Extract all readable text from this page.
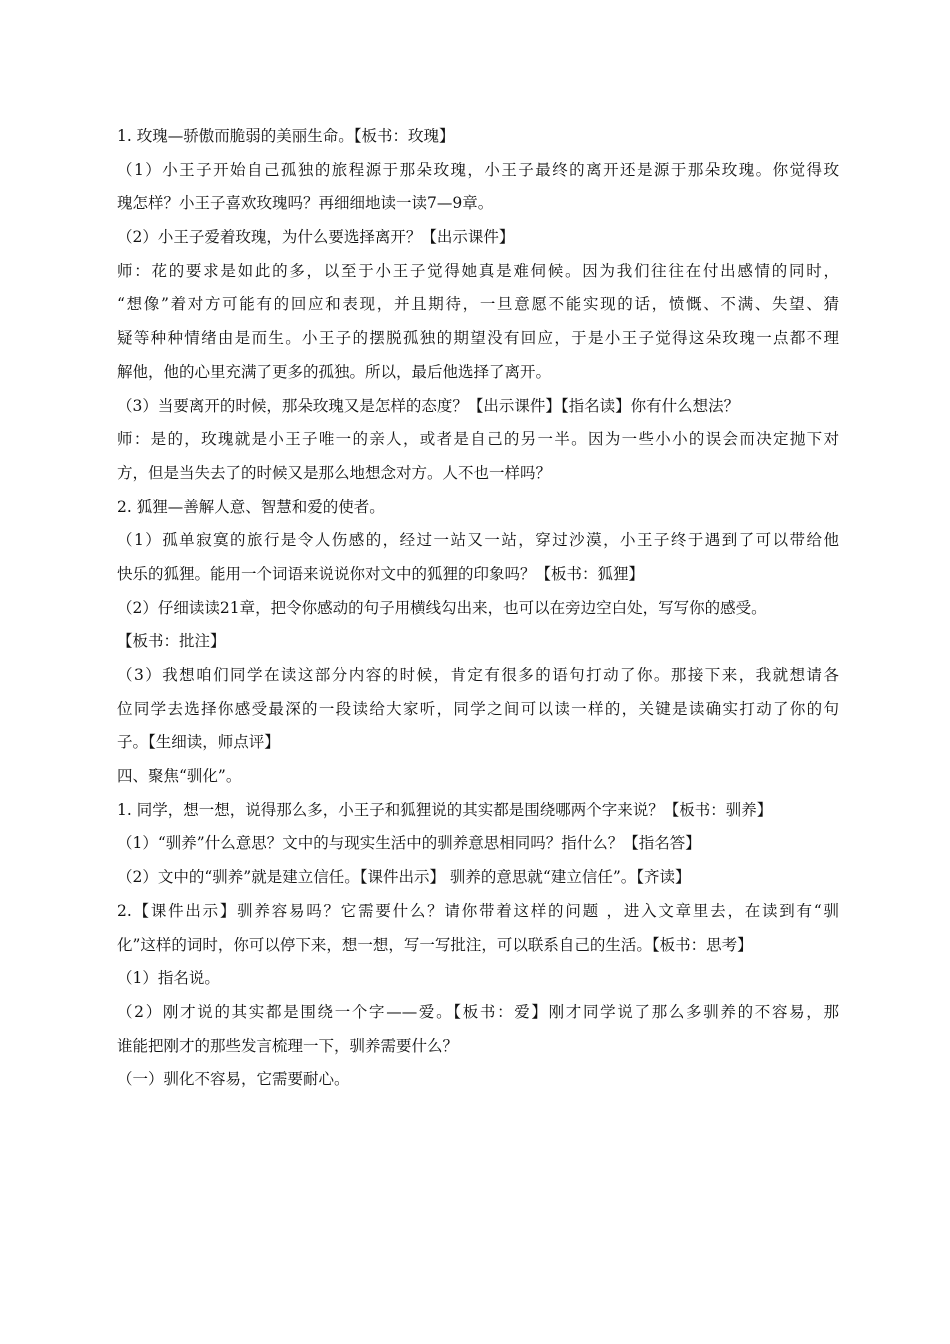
1. 玫瑰—骄傲而脆弱的美丽生命。【板书：玫瑰】
（1）小王子开始自己孤独的旅程源于那朵玫瑰，小王子最终的离开还是源于那朵玫瑰。你觉得玫
瑰怎样？小王子喜欢玫瑰吗？再细细地读一读7—9章。
（2）小王子爱着玫瑰，为什么要选择离开？【出示课件】
师：花的要求是如此的多，以至于小王子觉得她真是难伺候。因为我们往往在付出感情的同时，
“想像”着对方可能有的回应和表现，并且期待，一旦意愿不能实现的话，愤慨、不满、失望、猜
疑等种种情绪由是而生。小王子的摆脱孤独的期望没有回应，于是小王子觉得这朵玫瑰一点都不理
解他，他的心里充满了更多的孤独。所以，最后他选择了离开。
（3）当要离开的时候，那朵玫瑰又是怎样的态度？【出示课件】【指名读】你有什么想法？
师：是的，玫瑰就是小王子唯一的亲人，或者是自己的另一半。因为一些小小的误会而决定抛下对
方，但是当失去了的时候又是那么地想念对方。人不也一样吗？
2. 狐狸—善解人意、智慧和爱的使者。
（1）孤单寂寞的旅行是令人伤感的，经过一站又一站，穿过沙漠，小王子终于遇到了可以带给他
快乐的狐狸。能用一个词语来说说你对文中的狐狸的印象吗？【板书：狐狸】
（2）仔细读读21章，把令你感动的句子用横线勾出来，也可以在旁边空白处，写写你的感受。
【板书：批注】
（3）我想咱们同学在读这部分内容的时候，肯定有很多的语句打动了你。那接下来，我就想请各
位同学去选择你感受最深的一段读给大家听，同学之间可以读一样的，关键是读确实打动了你的句
子。【生细读，师点评】
四、聚焦“驯化”。
1. 同学，想一想，说得那么多，小王子和狐狸说的其实都是围绕哪两个字来说？【板书：驯养】
（1）“驯养”什么意思？文中的与现实生活中的驯养意思相同吗？指什么？【指名答】
（2）文中的“驯养”就是建立信任。【课件出示】 驯养的意思就“建立信任”。【齐读】
2.【课件出示】驯养容易吗？它需要什么？请你带着这样的问题 ，进入文章里去，在读到有“驯
化”这样的词时，你可以停下来，想一想，写一写批注，可以联系自己的生活。【板书：思考】
（1）指名说。
（2）刚才说的其实都是围绕一个字——爱。【板书：爱】刚才同学说了那么多驯养的不容易，那
谁能把刚才的那些发言梳理一下，驯养需要什么？
（一）驯化不容易，它需要耐心。
